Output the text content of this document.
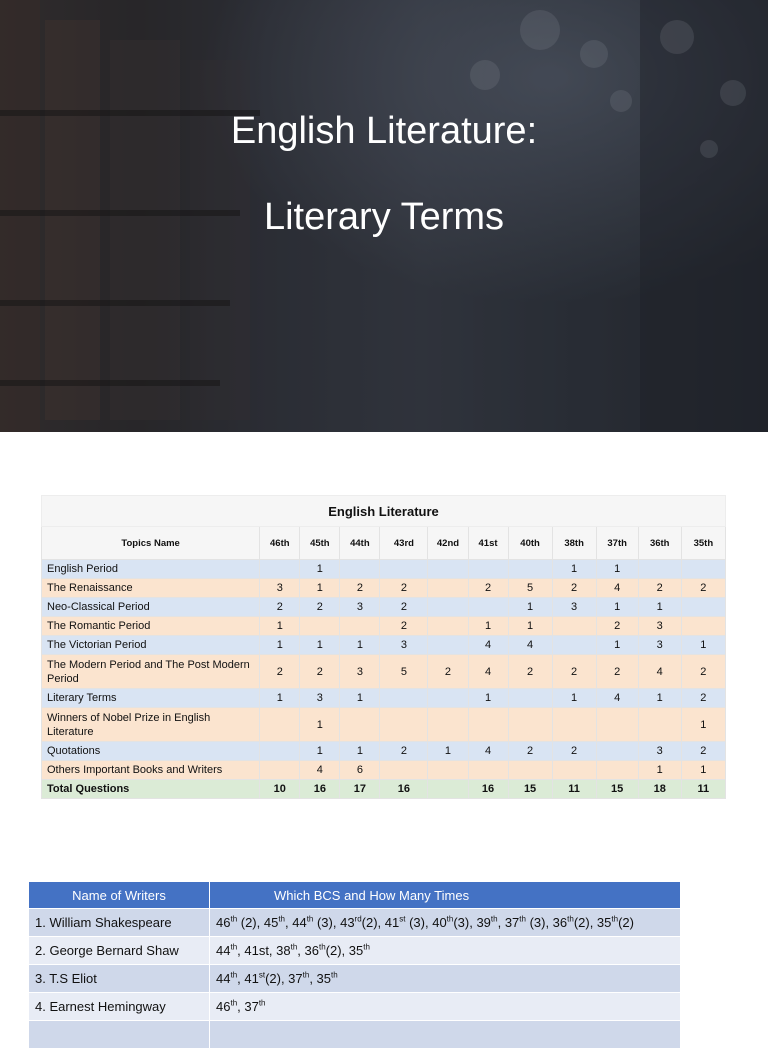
English Literature:
Literary Terms
English Literature											
Topics Name	46th	45th	44th	43rd	42nd	41st	40th	38th	37th	36th	35th
English Period		1						1	1		
The Renaissance	3	1	2	2		2	5	2	4	2	2
Neo-Classical Period	2	2	3	2			1	3	1	1	
The Romantic Period	1			2		1	1		2	3	
The Victorian Period	1	1	1	3		4	4		1	3	1
The Modern Period and The Post Modern Period	2	2	3	5	2	4	2	2	2	4	2
Literary Terms	1	3	1			1		1	4	1	2
Winners of Nobel Prize in English Literature		1									1
Quotations		1	1	2	1	4	2	2		3	2
Others Important Books and Writers		4	6							1	1
Total Questions	10	16	17	16		16	15	11	15	18	11
Name of Writers	Which BCS and How Many Times
1. William Shakespeare	46th (2), 45th, 44th (3), 43rd(2), 41st (3), 40th(3), 39th, 37th (3), 36th(2), 35th(2)
2. George Bernard Shaw	44th, 41st, 38th, 36th(2), 35th
3. T.S Eliot	44th, 41st(2), 37th, 35th
4. Earnest Hemingway	46th, 37th
